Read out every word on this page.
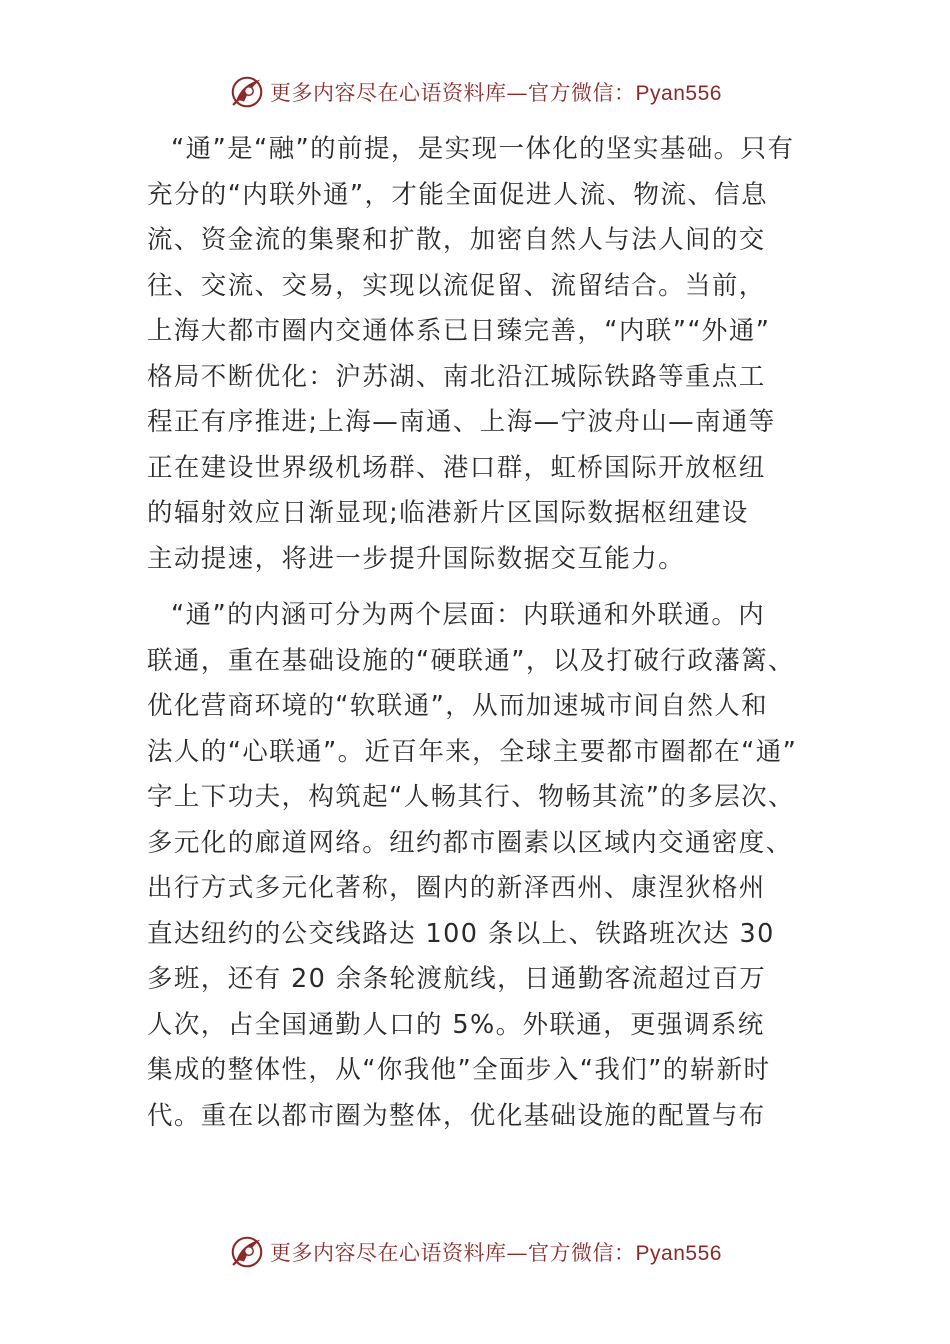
更多内容尽在心语资料库—官方微信：Pyan556

“通”是“融”的前提，是实现一体化的坚实基础。只有

充分的“内联外通”，才能全面促进人流、物流、信息

流、资金流的集聚和扩散，加密自然人与法人间的交

往、交流、交易，实现以流促留、流留结合。当前，

上海大都市圈内交通体系已日臻完善，“内联”“外通”

格局不断优化：沪苏湖、南北沿江城际铁路等重点工

程正有序推进;上海—南通、上海—宁波舟山—南通等

正在建设世界级机场群、港口群，虹桥国际开放枢纽

的辐射效应日渐显现;临港新片区国际数据枢纽建设

主动提速，将进一步提升国际数据交互能力。

“通”的内涵可分为两个层面：内联通和外联通。内

联通，重在基础设施的“硬联通”，以及打破行政藩篱、

优化营商环境的“软联通”，从而加速城市间自然人和

法人的“心联通”。近百年来，全球主要都市圈都在“通”

字上下功夫，构筑起“人畅其行、物畅其流”的多层次、

多元化的廊道网络。纽约都市圈素以区域内交通密度、

出行方式多元化著称，圈内的新泽西州、康涅狄格州

直达纽约的公交线路达 100 条以上、铁路班次达 30

多班，还有 20 余条轮渡航线，日通勤客流超过百万

人次，占全国通勤人口的 5%。外联通，更强调系统

集成的整体性，从“你我他”全面步入“我们”的崭新时

代。重在以都市圈为整体，优化基础设施的配置与布

更多内容尽在心语资料库—官方微信：Pyan556
